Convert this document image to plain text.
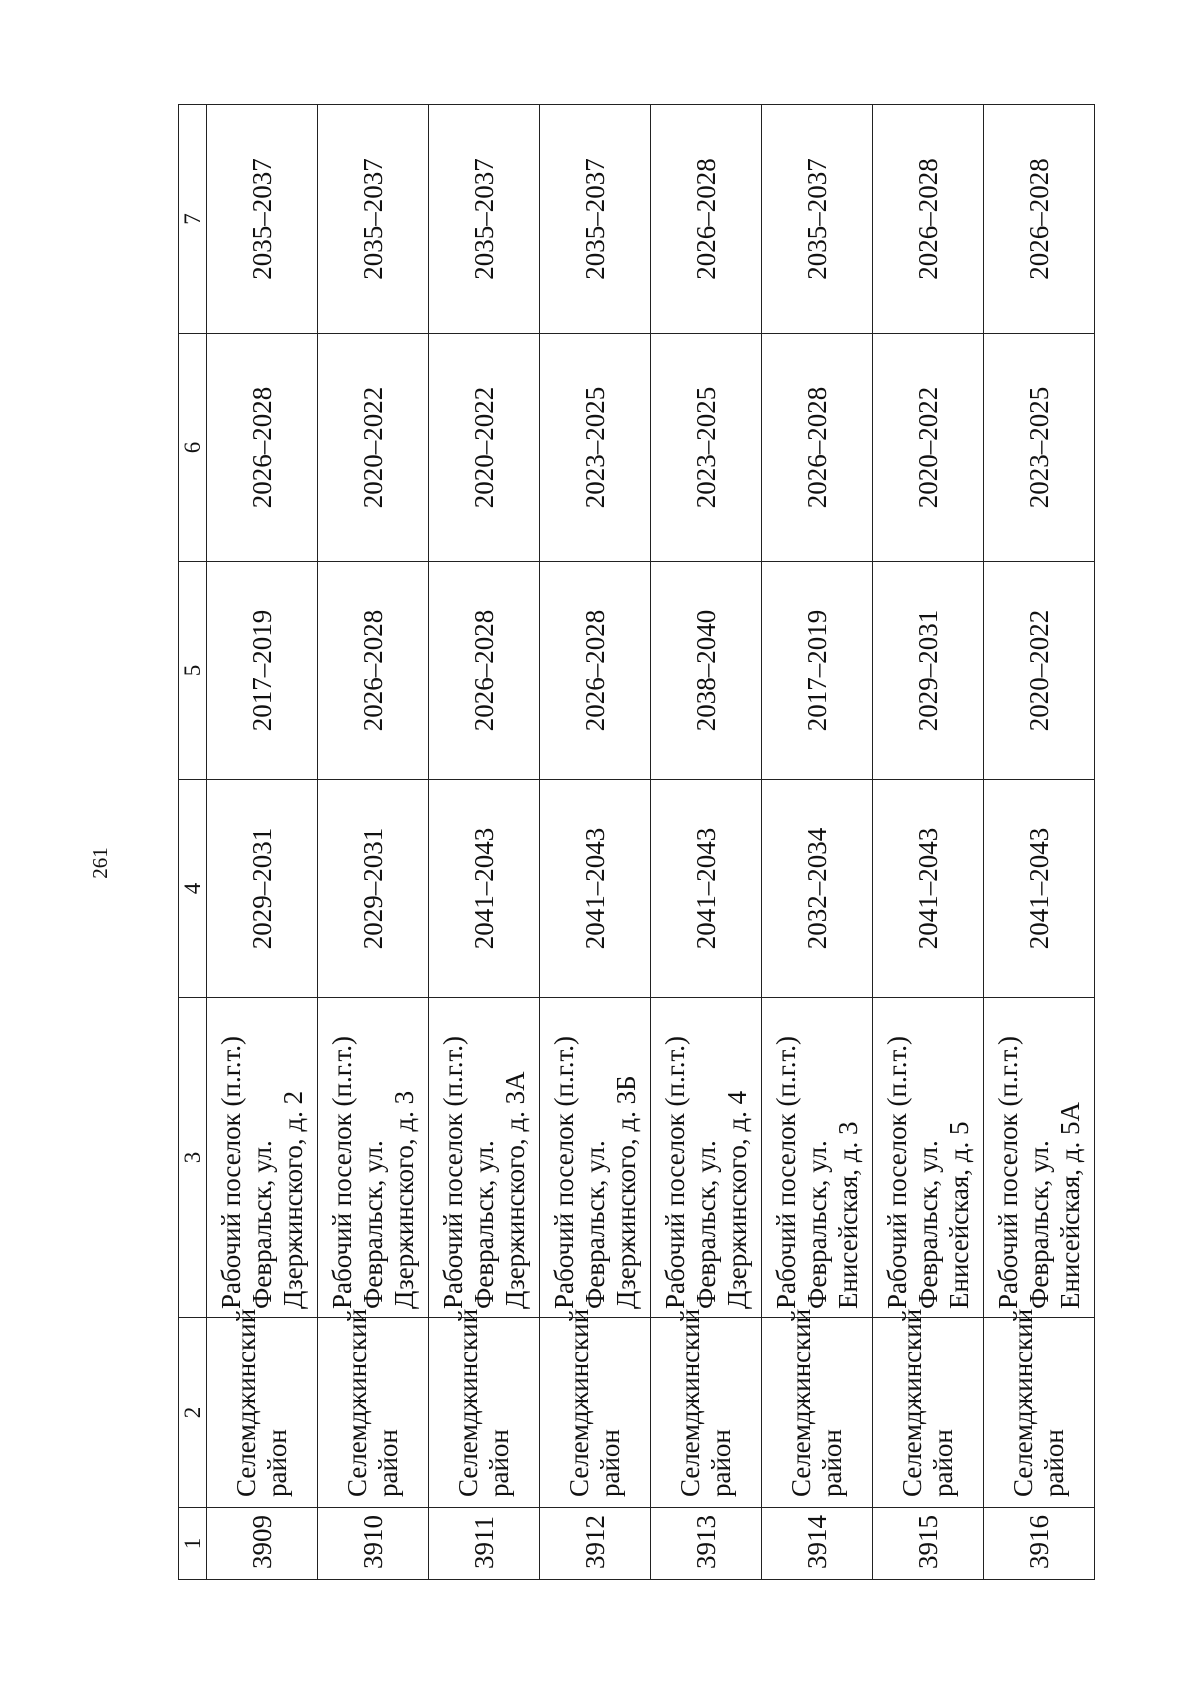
261
1	2	3	4	5	6	7
3909	Селемджинский район	Рабочий поселок (п.г.т.) Февральск, ул. Дзержинского, д. 2	2029–2031	2017–2019	2026–2028	2035–2037
3910	Селемджинский район	Рабочий поселок (п.г.т.) Февральск, ул. Дзержинского, д. 3	2029–2031	2026–2028	2020–2022	2035–2037
3911	Селемджинский район	Рабочий поселок (п.г.т.) Февральск, ул. Дзержинского, д. 3А	2041–2043	2026–2028	2020–2022	2035–2037
3912	Селемджинский район	Рабочий поселок (п.г.т.) Февральск, ул. Дзержинского, д. 3Б	2041–2043	2026–2028	2023–2025	2035–2037
3913	Селемджинский район	Рабочий поселок (п.г.т.) Февральск, ул. Дзержинского, д. 4	2041–2043	2038–2040	2023–2025	2026–2028
3914	Селемджинский район	Рабочий поселок (п.г.т.) Февральск, ул. Енисейская, д. 3	2032–2034	2017–2019	2026–2028	2035–2037
3915	Селемджинский район	Рабочий поселок (п.г.т.) Февральск, ул. Енисейская, д. 5	2041–2043	2029–2031	2020–2022	2026–2028
3916	Селемджинский район	Рабочий поселок (п.г.т.) Февральск, ул. Енисейская, д. 5А	2041–2043	2020–2022	2023–2025	2026–2028
